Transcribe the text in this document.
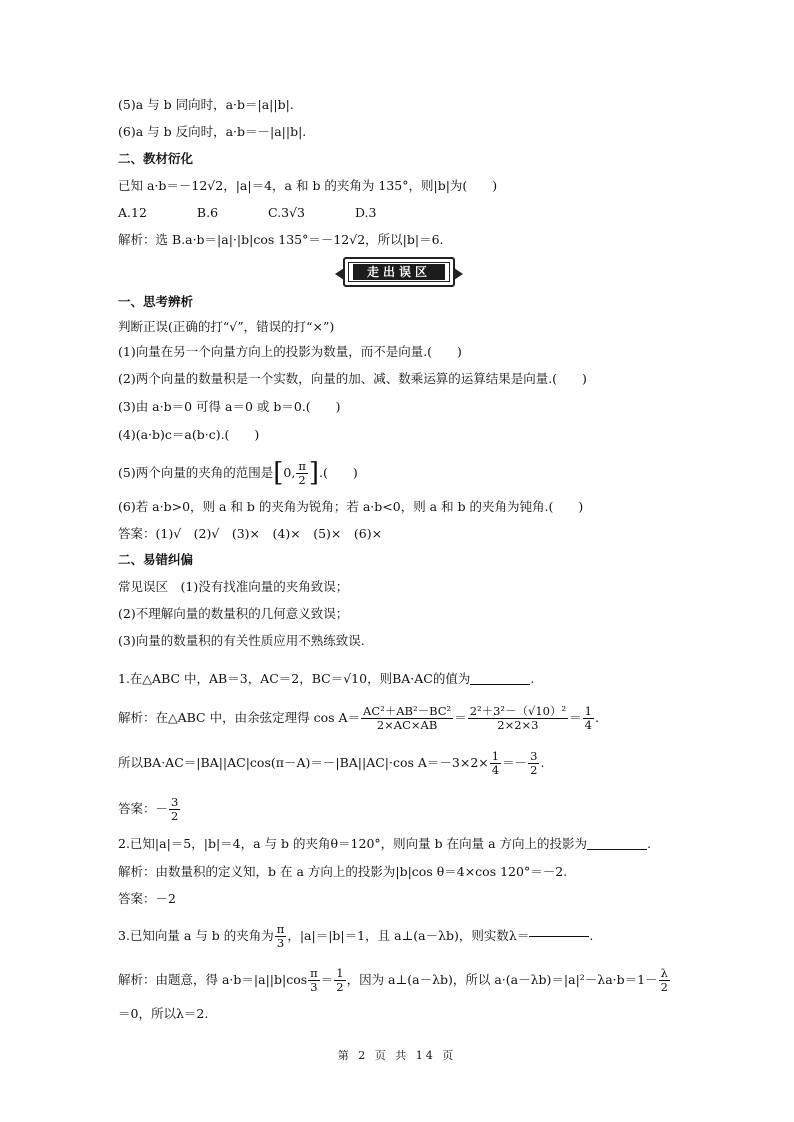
(5)a 与 b 同向时，a·b＝|a||b|.
(6)a 与 b 反向时，a·b＝－|a||b|.
二、教材衍化
已知 a·b＝－12√2，|a|＝4，a 和 b 的夹角为 135°，则|b|为(　　)
A.12　　　　B.6　　　　C.3√3　　　　D.3
解析：选 B.a·b＝|a|·|b|cos 135°＝－12√2，所以|b|＝6.
走出误区
一、思考辨析
判断正误(正确的打“√”，错误的打“×”)
(1)向量在另一个向量方向上的投影为数量，而不是向量.(　　)
(2)两个向量的数量积是一个实数，向量的加、减、数乘运算的运算结果是向量.(　　)
(3)由 a·b＝0 可得 a＝0 或 b＝0.(　　)
(4)(a·b)c＝a(b·c).(　　)
(5)两个向量的夹角的范围是 [ 0, $\frac{\pi}{2}$ ] .(　　)
(6)若 a·b>0，则 a 和 b 的夹角为锐角；若 a·b<0，则 a 和 b 的夹角为钝角.(　　)
答案：(1)√　(2)√　(3)×　(4)×　(5)×　(6)×
二、易错纠偏
常见误区　(1)没有找准向量的夹角致误；
(2)不理解向量的数量积的几何意义致误；
(3)向量的数量积的有关性质应用不熟练致误.
1.在△ABC 中，AB＝3，AC＝2，BC＝√10，则BA·AC的值为	.
解析：在△ABC 中，由余弦定理得 $\cos A= \frac{\text{AC²＋AB²－BC²}}{2\times AC\times AB} = \frac{\text{2²＋3²－（√10）²}}{2\times 2\times 3} = \frac{1}{4}$ .
所以BA·AC＝|BA||AC|cos(π－A)＝－|BA||AC|·cos $A=-3\times 2\times \frac{1}{4} =- \frac{3}{2}$ .
答案：－ $\frac{3}{2}$
2.已知|a|＝5，|b|＝4，a 与 b 的夹角θ＝120°，则向量 b 在向量 a 方向上的投影为	.
解析：由数量积的定义知，b 在 a 方向上的投影为|b|cos θ＝4×cos 120°＝－2.
答案：－2
3.已知向量 a 与 b 的夹角为 $\frac{\pi}{3}$ ，|a|＝|b|＝1，且 a⊥(a－λb)，则实数λ＝	.
解析：由题意，得 $a\cdot b=|a||b|\cos \frac{\pi}{3} = \frac{1}{2}$ ，因为 a⊥(a－λb)，所以 $a\cdot(a-\lambda b)=|a|^2-\lambda a\cdot b=1- \frac{\lambda}{2}$
＝0，所以λ＝2.
第 2 页 共 14 页
